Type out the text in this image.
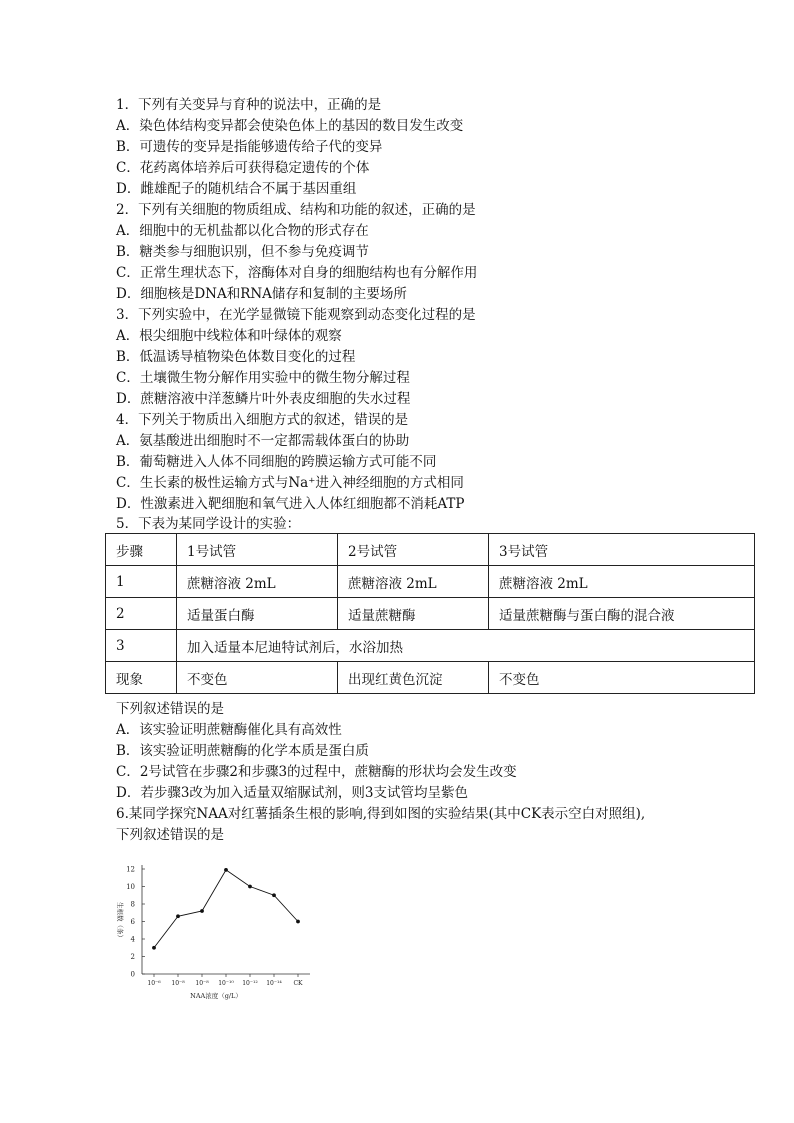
1．下列有关变异与育种的说法中，正确的是
A．染色体结构变异都会使染色体上的基因的数目发生改变
B．可遗传的变异是指能够遗传给子代的变异
C．花药离体培养后可获得稳定遗传的个体
D．雌雄配子的随机结合不属于基因重组
2．下列有关细胞的物质组成、结构和功能的叙述，正确的是
A．细胞中的无机盐都以化合物的形式存在
B．糖类参与细胞识别，但不参与免疫调节
C．正常生理状态下，溶酶体对自身的细胞结构也有分解作用
D．细胞核是DNA和RNA储存和复制的主要场所
3．下列实验中，在光学显微镜下能观察到动态变化过程的是
A．根尖细胞中线粒体和叶绿体的观察
B．低温诱导植物染色体数目变化的过程
C．土壤微生物分解作用实验中的微生物分解过程
D．蔗糖溶液中洋葱鳞片叶外表皮细胞的失水过程
4．下列关于物质出入细胞方式的叙述，错误的是
A．氨基酸进出细胞时不一定都需载体蛋白的协助
B．葡萄糖进入人体不同细胞的跨膜运输方式可能不同
C．生长素的极性运输方式与Na⁺进入神经细胞的方式相同
D．性激素进入靶细胞和氧气进入人体红细胞都不消耗ATP
5．下表为某同学设计的实验：
步骤	1号试管	2号试管	3号试管
1	蔗糖溶液 2mL	蔗糖溶液 2mL	蔗糖溶液 2mL
2	适量蛋白酶	适量蔗糖酶	适量蔗糖酶与蛋白酶的混合液
3	加入适量本尼迪特试剂后，水浴加热		
现象	不变色	出现红黄色沉淀	不变色
下列叙述错误的是
A．该实验证明蔗糖酶催化具有高效性
B．该实验证明蔗糖酶的化学本质是蛋白质
C．2号试管在步骤2和步骤3的过程中，蔗糖酶的形状均会发生改变
D．若步骤3改为加入适量双缩脲试剂，则3支试管均呈紫色
6.某同学探究NAA对红薯插条生根的影响,得到如图的实验结果(其中CK表示空白对照组),
下列叙述错误的是
0
2
4
6
8
10
12
10⁻⁶ 10⁻⁸ 10⁻⁸ 10⁻¹⁰ 10⁻¹² 10⁻¹⁴ CK
NAA浓度（g/L）
生根数（条）
